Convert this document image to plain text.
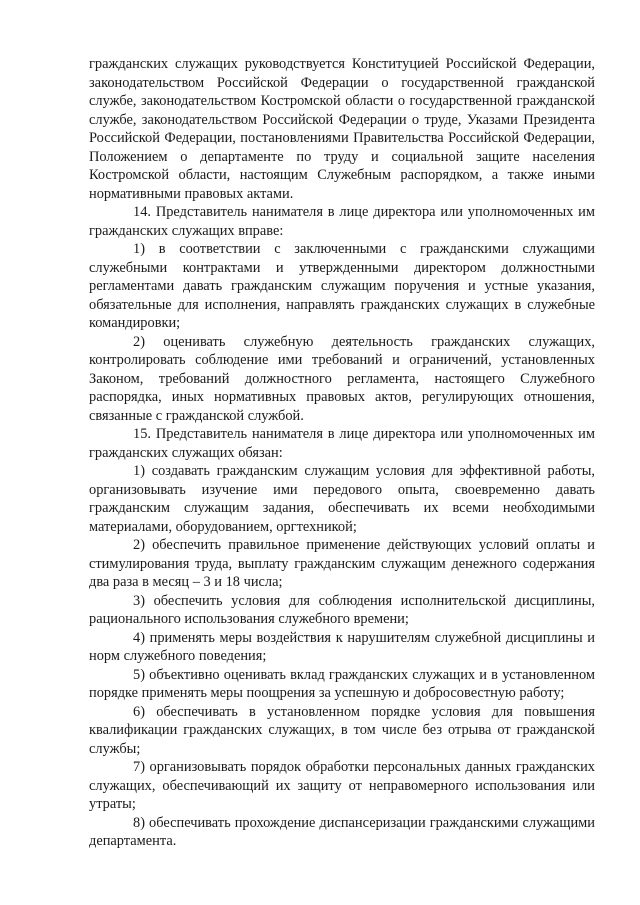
гражданских служащих руководствуется Конституцией Российской Федерации, законодательством Российской Федерации о государственной гражданской службе, законодательством Костромской области о государственной гражданской службе, законодательством Российской Федерации о труде, Указами Президента Российской Федерации, постановлениями Правительства Российской Федерации, Положением о департаменте по труду и социальной защите населения Костромской области, настоящим Служебным распорядком, а также иными нормативными правовых актами.

14. Представитель нанимателя в лице директора или уполномоченных им гражданских служащих вправе:

1) в соответствии с заключенными с гражданскими служащими служебными контрактами и утвержденными директором должностными регламентами давать гражданским служащим поручения и устные указания, обязательные для исполнения, направлять гражданских служащих в служебные командировки;

2) оценивать служебную деятельность гражданских служащих, контролировать соблюдение ими требований и ограничений, установленных Законом, требований должностного регламента, настоящего Служебного распорядка, иных нормативных правовых актов, регулирующих отношения, связанные с гражданской службой.

15. Представитель нанимателя в лице директора или уполномоченных им гражданских служащих обязан:

1) создавать гражданским служащим условия для эффективной работы, организовывать изучение ими передового опыта, своевременно давать гражданским служащим задания, обеспечивать их всеми необходимыми материалами, оборудованием, оргтехникой;

2) обеспечить правильное применение действующих условий оплаты и стимулирования труда, выплату гражданским служащим денежного содержания два раза в месяц – 3 и 18 числа;

3) обеспечить условия для соблюдения исполнительской дисциплины, рационального использования служебного времени;

4) применять меры воздействия к нарушителям служебной дисциплины и норм служебного поведения;

5) объективно оценивать вклад гражданских служащих и в установленном порядке применять меры поощрения за успешную и добросовестную работу;

6) обеспечивать в установленном порядке условия для повышения квалификации гражданских служащих, в том числе без отрыва от гражданской службы;

7) организовывать порядок обработки персональных данных гражданских служащих, обеспечивающий их защиту от неправомерного использования или утраты;

8) обеспечивать прохождение диспансеризации гражданскими служащими департамента.
